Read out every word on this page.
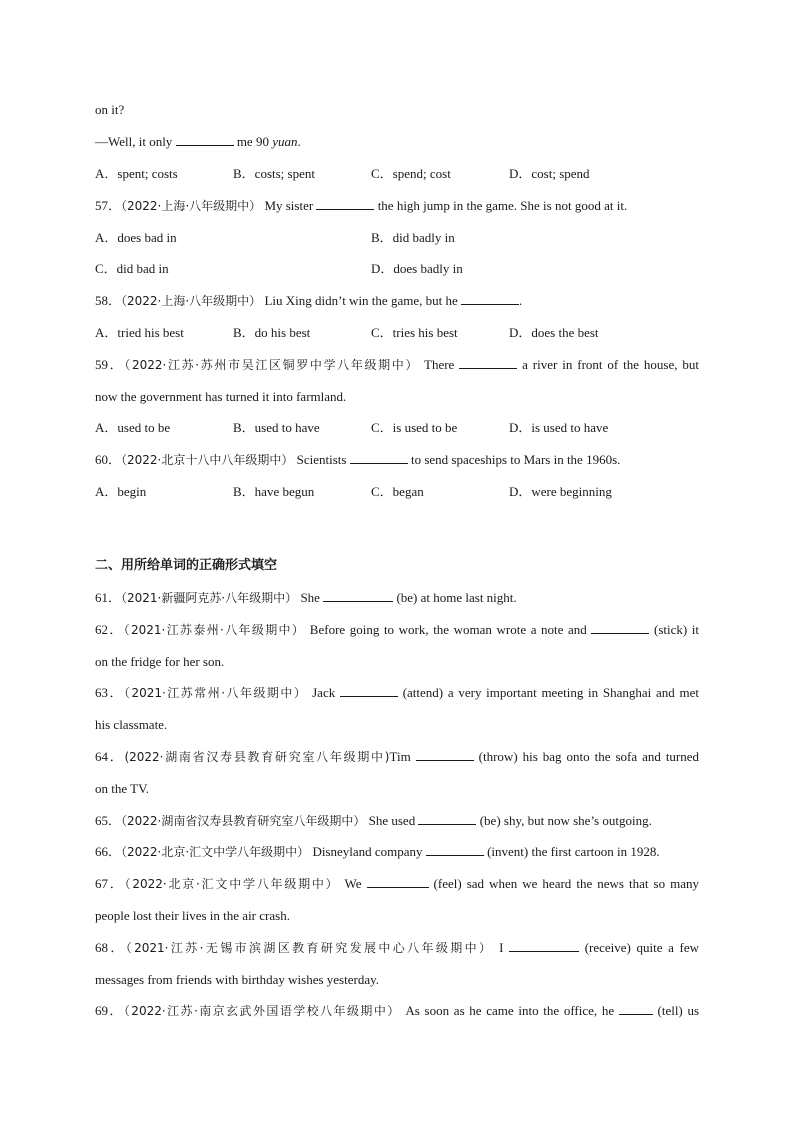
on it?
—Well, it only	me 90 yuan.
A．spent; costs	B．costs; spent	C．spend; cost	D．cost; spend
57．（2022·上海·八年级期中） My sister	the high jump in the game. She is not good at it.
A．does bad in	B．did badly in
C．did bad in	D．does badly in
58．（2022·上海·八年级期中） Liu Xing didn’t win the game, but he	.
A．tried his best	B．do his best	C．tries his best	D．does the best
59．（2022·江苏·苏州市吴江区铜罗中学八年级期中） There	a river in front of the house, but
now the government has turned it into farmland.
A．used to be	B．used to have	C．is used to be	D．is used to have
60．（2022·北京十八中八年级期中） Scientists	to send spaceships to Mars in the 1960s.
A．begin	B．have begun	C．began	D．were beginning
二、用所给单词的正确形式填空
61．（2021·新疆阿克苏·八年级期中） She	(be) at home last night.
62．（2021·江苏泰州·八年级期中） Before going to work, the woman wrote a note and	(stick) it
on the fridge for her son.
63．（2021·江苏常州·八年级期中） Jack	(attend) a very important meeting in Shanghai and met
his classmate.
64．(2022·湖南省汉寿县教育研究室八年级期中)Tim	(throw) his bag onto the sofa and turned
on the TV.
65．（2022·湖南省汉寿县教育研究室八年级期中） She used	(be) shy, but now she’s outgoing.
66．（2022·北京·汇文中学八年级期中） Disneyland company	(invent) the first cartoon in 1928.
67．（2022·北京·汇文中学八年级期中） We	(feel) sad when we heard the news that so many
people lost their lives in the air crash.
68．（2021·江苏·无锡市滨湖区教育研究发展中心八年级期中） I	(receive) quite a few
messages from friends with birthday wishes yesterday.
69．（2022·江苏·南京玄武外国语学校八年级期中） As soon as he came into the office, he	(tell) us
